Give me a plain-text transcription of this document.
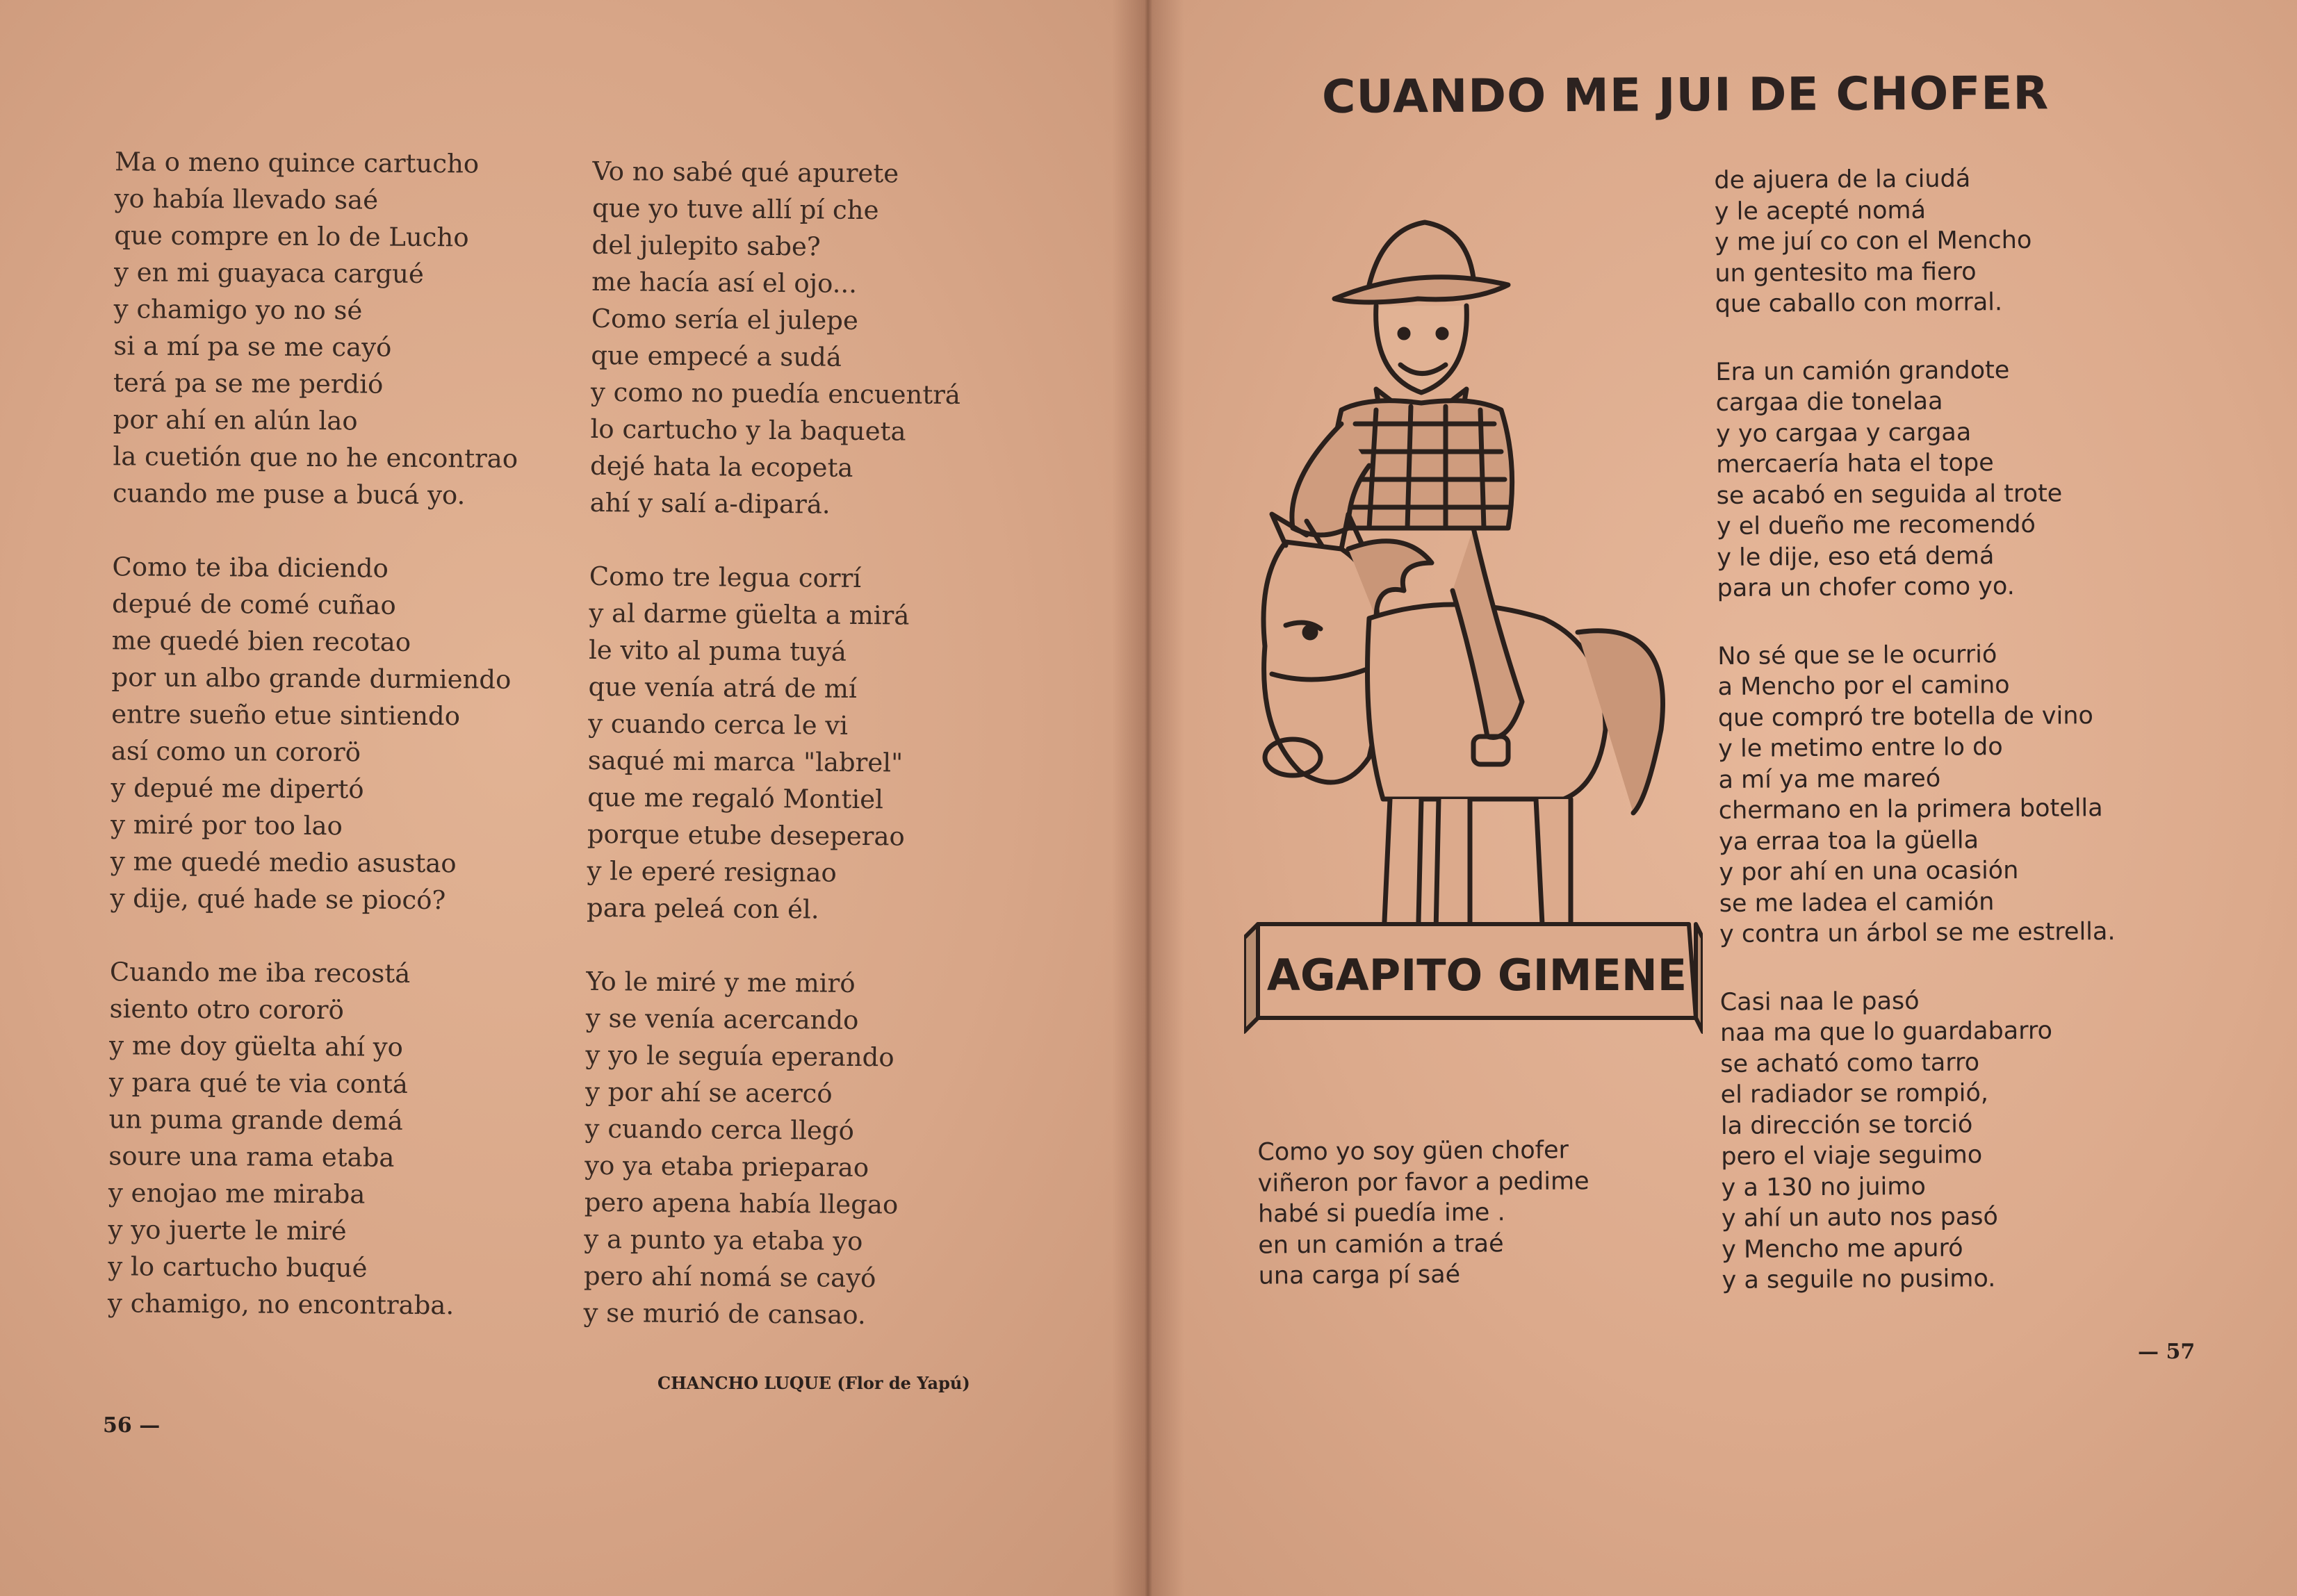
Ma o meno quince cartucho
yo había llevado saé
que compre en lo de Lucho
y en mi guayaca cargué
y chamigo yo no sé
si a mí pa se me cayó
terá pa se me perdió
por ahí en alún lao
la cuetión que no he encontrao
cuando me puse a bucá yo.
Como te iba diciendo
depué de comé cuñao
me quedé bien recotao
por un albo grande durmiendo
entre sueño etue sintiendo
así como un cororö
y depué me dipertó
y miré por too lao
y me quedé medio asustao
y dije, qué hade se piocó?
Cuando me iba recostá
siento otro cororö
y me doy güelta ahí yo
y para qué te via contá
un puma grande demá
soure una rama etaba
y enojao me miraba
y yo juerte le miré
y lo cartucho buqué
y chamigo, no encontraba.
Vo no sabé qué apurete
que yo tuve allí pí che
del julepito sabe?
me hacía así el ojo...
Como sería el julepe
que empecé a sudá
y como no puedía encuentrá
lo cartucho y la baqueta
dejé hata la ecopeta
ahí y salí a-dipará.
Como tre legua corrí
y al darme güelta a mirá
le vito al puma tuyá
que venía atrá de mí
y cuando cerca le vi
saqué mi marca "labrel"
que me regaló Montiel
porque etube deseperao
y le eperé resignao
para peleá con él.
Yo le miré y me miró
y se venía acercando
y yo le seguía eperando
y por ahí se acercó
y cuando cerca llegó
yo ya etaba prieparao
pero apena había llegao
y a punto ya etaba yo
pero ahí nomá se cayó
y se murió de cansao.
CHANCHO LUQUE (Flor de Yapú)
56 —
CUANDO ME JUI DE CHOFER
AGAPITO GIMENE
Como yo soy güen chofer
viñeron por favor a pedime
habé si puedía ime .
en un camión a traé
una carga pí saé
de ajuera de la ciudá
y le acepté nomá
y me juí co con el Mencho
un gentesito ma fiero
que caballo con morral.
Era un camión grandote
cargaa die tonelaa
y yo cargaa y cargaa
mercaería hata el tope
se acabó en seguida al trote
y el dueño me recomendó
y le dije, eso etá demá
para un chofer como yo.
No sé que se le ocurrió
a Mencho por el camino
que compró tre botella de vino
y le metimo entre lo do
a mí ya me mareó
chermano en la primera botella
ya erraa toa la güella
y por ahí en una ocasión
se me ladea el camión
y contra un árbol se me estrella.
Casi naa le pasó
naa ma que lo guardabarro
se acható como tarro
el radiador se rompió,
la dirección se torció
pero el viaje seguimo
y a 130 no juimo
y ahí un auto nos pasó
y Mencho me apuró
y a seguile no pusimo.
— 57
